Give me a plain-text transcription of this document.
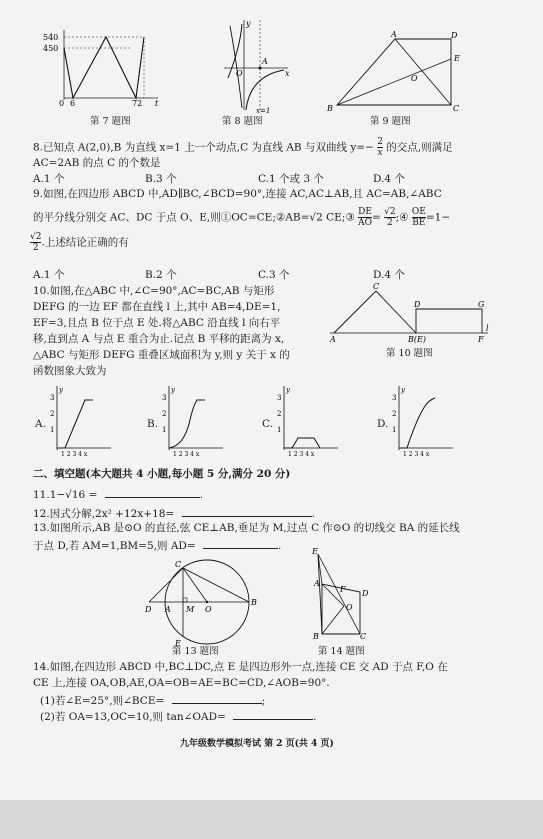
540
450
0 6	72 t
第 7 题图
y
A
O	x
x=1
第 8 题图
A	D
E
O
B	C
第 9 题图
8.已知点 A(2,0),B 为直线 x=1 上一个动点,C 为直线 AB 与双曲线 $y=- \frac{2}{x}$ 的交点,则满足
AC=2AB 的点 C 的个数是
A.1 个	B.3 个	C.1 个或 3 个	D.4 个
9.如图,在四边形 ABCD 中,AD∥BC,∠BCD=90°,连接 AC,AC⊥AB,且 AC=AB,∠ABC
的平分线分别交 AC、DC 于点 O、E,则①OC=CE;②AB=√2 CE;③ $\frac{DE}{AO} = \frac{√2}{2}$ ;④ $\frac{OE}{BE} =1-$
$\frac{√2}{2}$ .上述结论正确的有
A.1 个	B.2 个	C.3 个	D.4 个
10.如图,在△ABC 中,∠C=90°,AC=BC,AB 与矩形
DEFG 的一边 EF 都在直线 l 上,其中 AB=4,DE=1,
EF=3,且点 B 位于点 E 处.将△ABC 沿直线 l 向右平
移,直到点 A 与点 E 重合为止.记点 B 平移的距离为 x,
△ABC 与矩形 DEFG 重叠区域面积为 y,则 y 关于 x 的
函数图象大致为
C
D	G
A	B(E)	F
l
第 10 题图
A.
y
3
2
1
1 2 3 4 x
B.
y
3
2
1
1 2 3 4 x
C.
y
3
2
1
1 2 3 4 x
D.
y
3
2
1
1 2 3 4 x
二、填空题(本大题共 4 小题,每小题 5 分,满分 20 分)
11.1−√16 =	.
12.因式分解,2x² +12x+18=	.
13.如图所示,AB 是⊙O 的直径,弦 CE⊥AB,垂足为 M,过点 C 作⊙O 的切线交 BA 的延长线
于点 D,若 AM=1,BM=5,则 AD=	.
C
D A M O
B
E
第 13 题图
E
A
F D
O
B	C
第 14 题图
14.如图,在四边形 ABCD 中,BC⊥DC,点 E 是四边形外一点,连接 CE 交 AD 于点 F,O 在
CE 上,连接 OA,OB,AE,OA=OB=AE=BC=CD,∠AOB=90°.
(1)若∠E=25°,则∠BCE=	;
(2)若 OA=13,OC=10,则 tan∠OAD=	.
九年级数学模拟考试 第 2 页(共 4 页)
